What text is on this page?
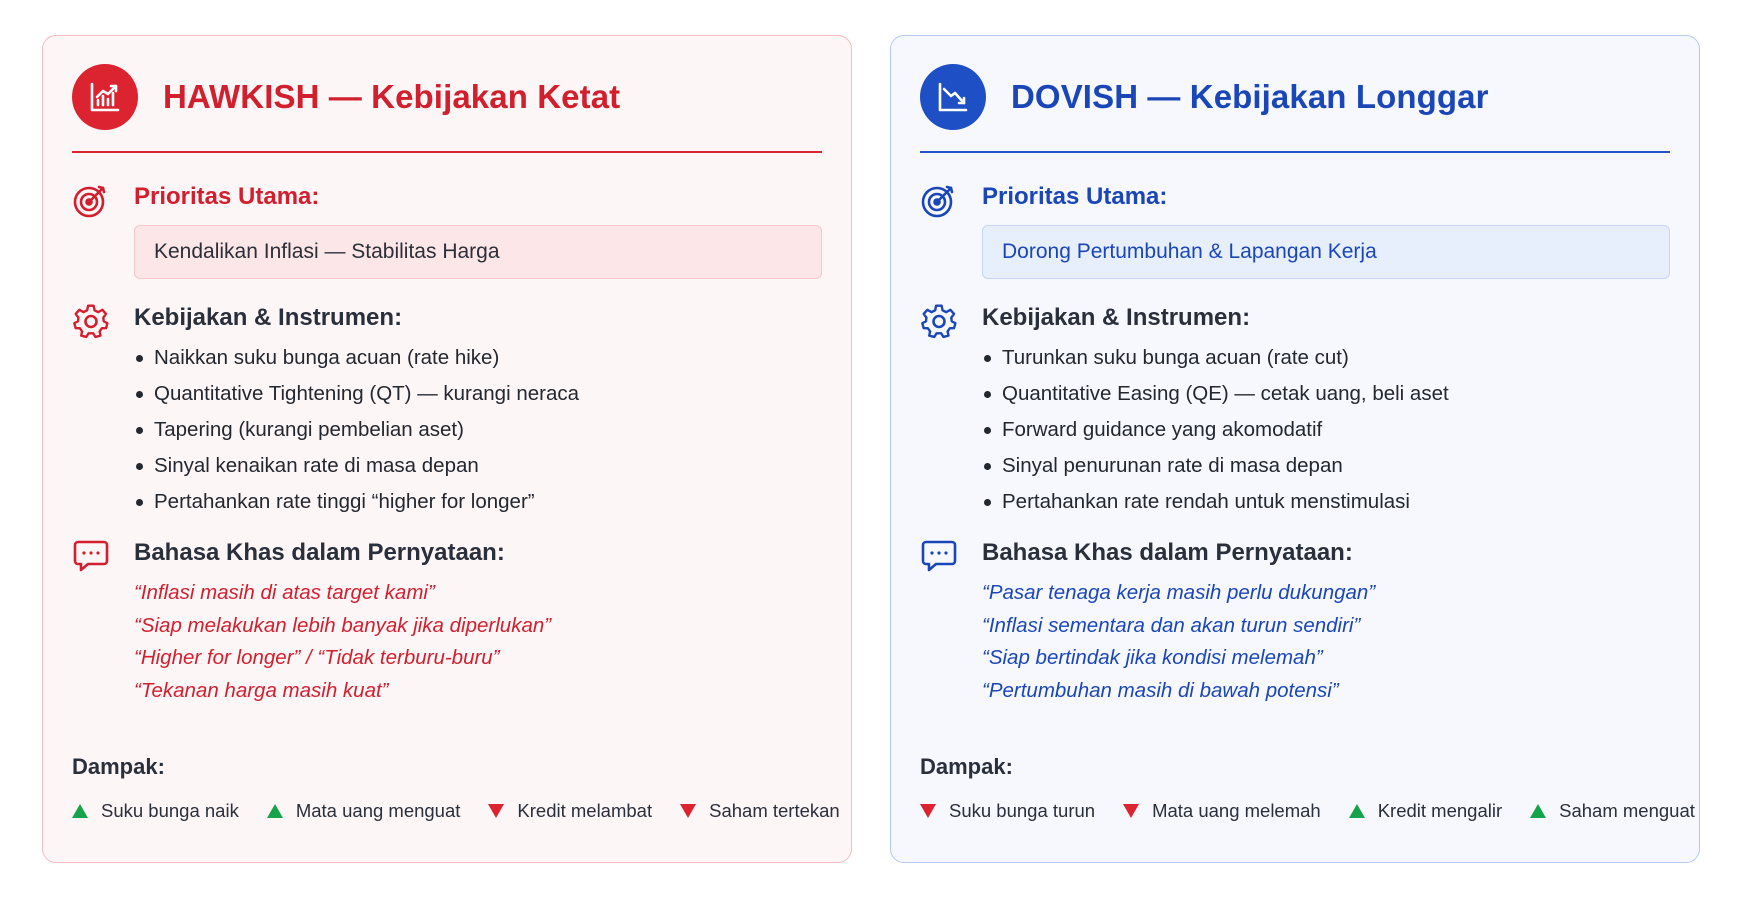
HAWKISH — Kebijakan Ketat
Prioritas Utama:
Kendalikan Inflasi — Stabilitas Harga
Kebijakan & Instrumen:
Naikkan suku bunga acuan (rate hike)
Quantitative Tightening (QT) — kurangi neraca
Tapering (kurangi pembelian aset)
Sinyal kenaikan rate di masa depan
Pertahankan rate tinggi “higher for longer”
Bahasa Khas dalam Pernyataan:
“Inflasi masih di atas target kami”
“Siap melakukan lebih banyak jika diperlukan”
“Higher for longer” / “Tidak terburu-buru”
“Tekanan harga masih kuat”
Dampak:
Suku bunga naik	Mata uang menguat	Kredit melambat	Saham tertekan
DOVISH — Kebijakan Longgar
Prioritas Utama:
Dorong Pertumbuhan & Lapangan Kerja
Kebijakan & Instrumen:
Turunkan suku bunga acuan (rate cut)
Quantitative Easing (QE) — cetak uang, beli aset
Forward guidance yang akomodatif
Sinyal penurunan rate di masa depan
Pertahankan rate rendah untuk menstimulasi
Bahasa Khas dalam Pernyataan:
“Pasar tenaga kerja masih perlu dukungan”
“Inflasi sementara dan akan turun sendiri”
“Siap bertindak jika kondisi melemah”
“Pertumbuhan masih di bawah potensi”
Dampak:
Suku bunga turun	Mata uang melemah	Kredit mengalir	Saham menguat
